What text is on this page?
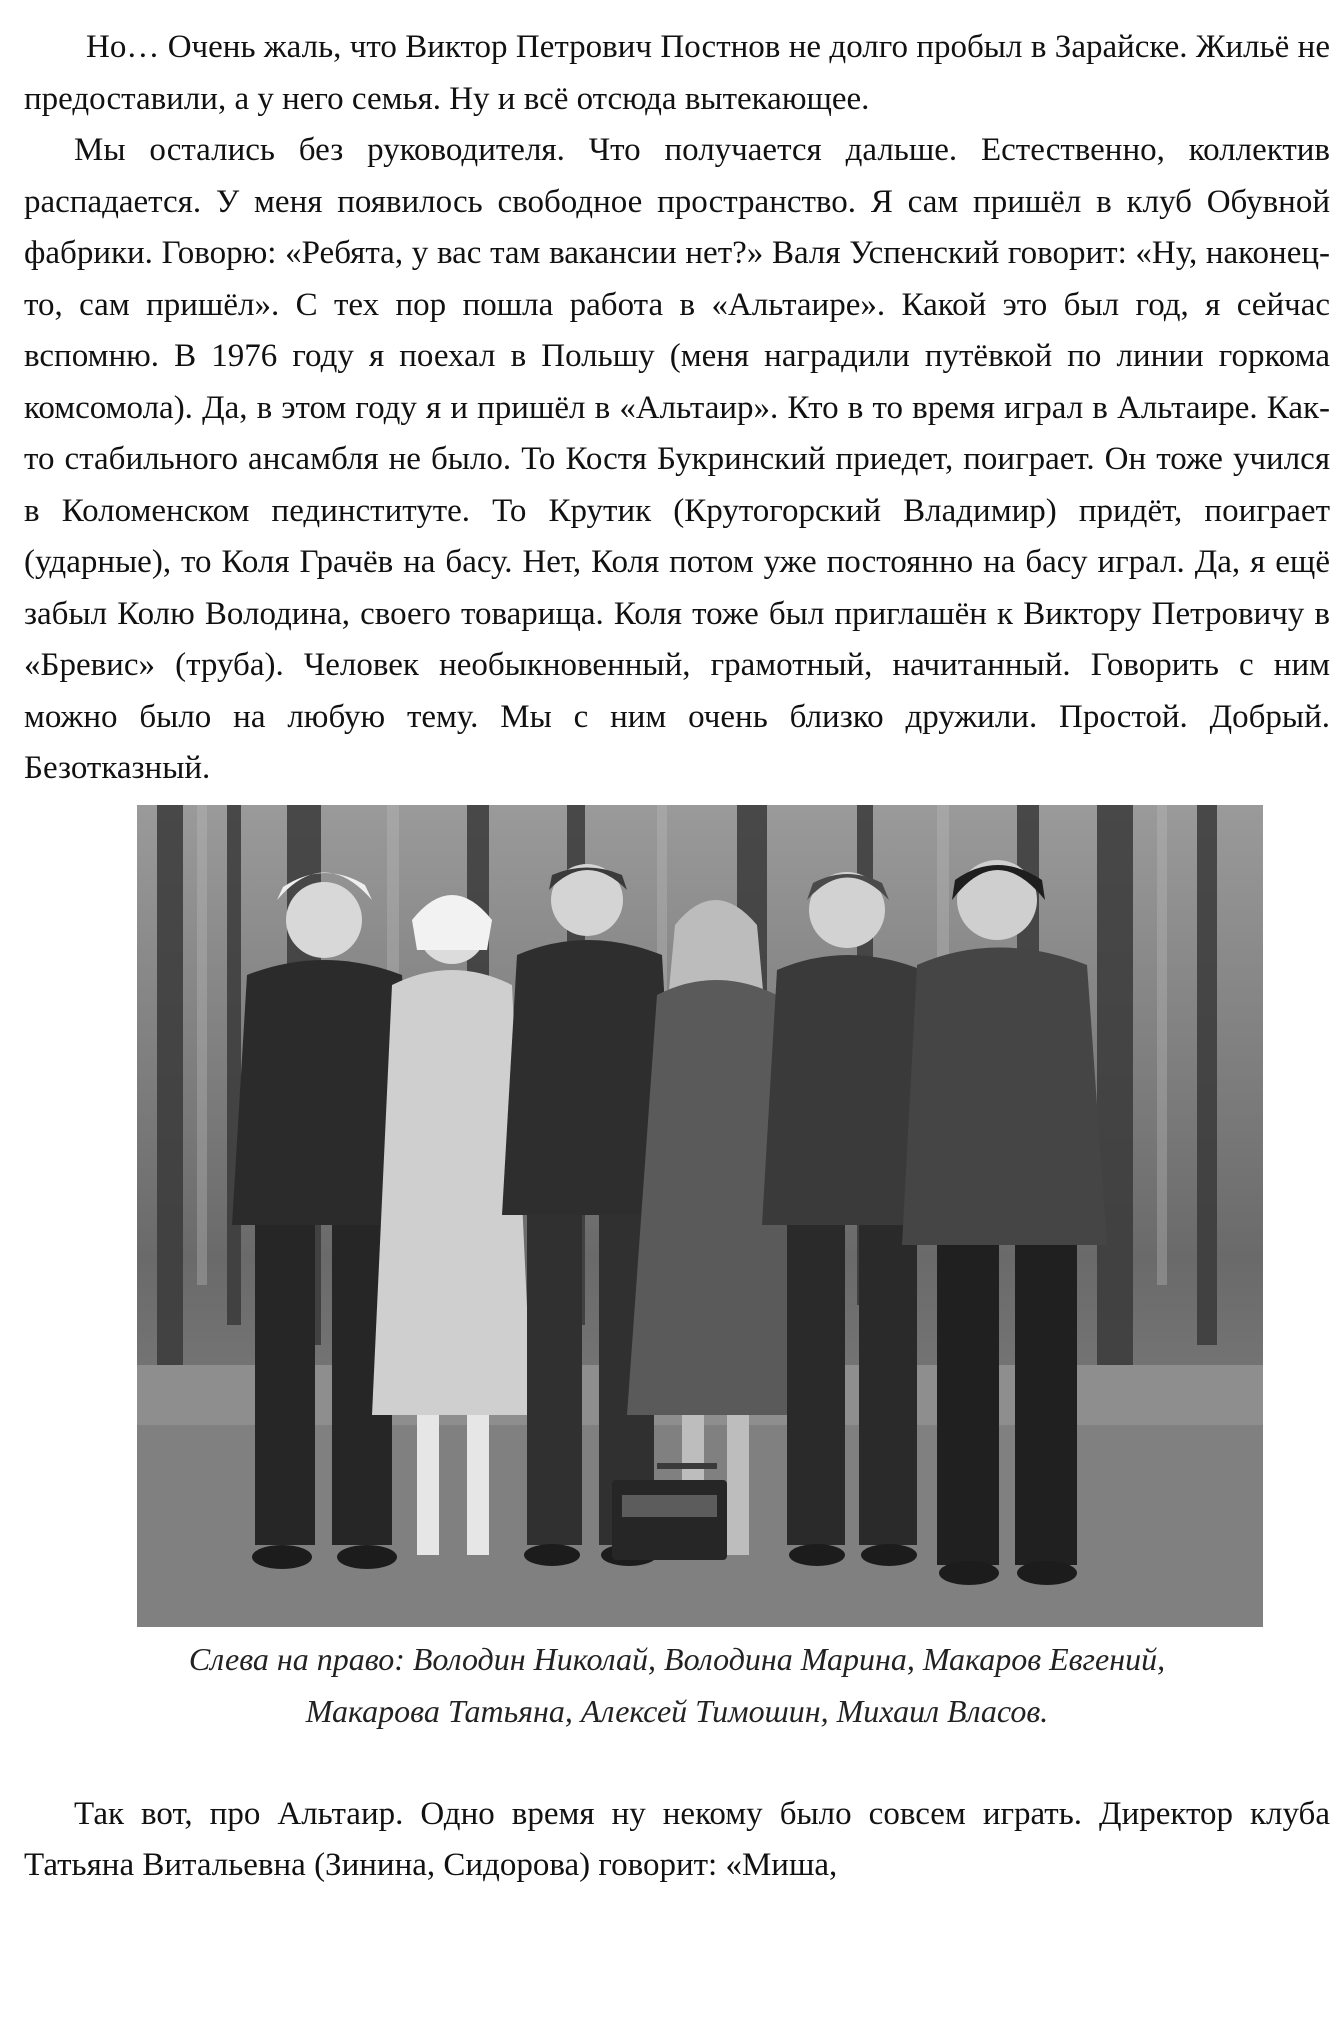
Но… Очень жаль, что Виктор Петрович Постнов не долго пробыл в Зарайске. Жильё не предоставили, а у него семья. Ну и всё отсюда вытекающее.

Мы остались без руководителя. Что получается дальше. Естественно, коллектив распадается. У меня появилось свободное пространство. Я сам пришёл в клуб Обувной фабрики. Говорю: «Ребята, у вас там вакансии нет?» Валя Успенский говорит: «Ну, наконец-то, сам пришёл». С тех пор пошла работа в «Альтаире». Какой это был год, я сейчас вспомню. В 1976 году я поехал в Польшу (меня наградили путёвкой по линии горкома комсомола). Да, в этом году я и пришёл в «Альтаир». Кто в то время играл в Альтаире. Как-то стабильного ансамбля не было. То Костя Букринский приедет, поиграет. Он тоже учился в Коломенском пединституте. То Крутик (Крутогорский Владимир) придёт, поиграет (ударные), то Коля Грачёв на басу. Нет, Коля потом уже постоянно на басу играл. Да, я ещё забыл Колю Володина, своего товарища. Коля тоже был приглашён к Виктору Петровичу в «Бревис» (труба). Человек необыкновенный, грамотный, начитанный. Говорить с ним можно было на любую тему. Мы с ним очень близко дружили. Простой. Добрый. Безотказный.

Слева на право: Володин Николай, Володина Марина, Макаров Евгений,
Макарова Татьяна, Алексей Тимошин, Михаил Власов.

Так вот, про Альтаир. Одно время ну некому было совсем играть. Директор клуба Татьяна Витальевна (Зинина, Сидорова) говорит: «Миша,
